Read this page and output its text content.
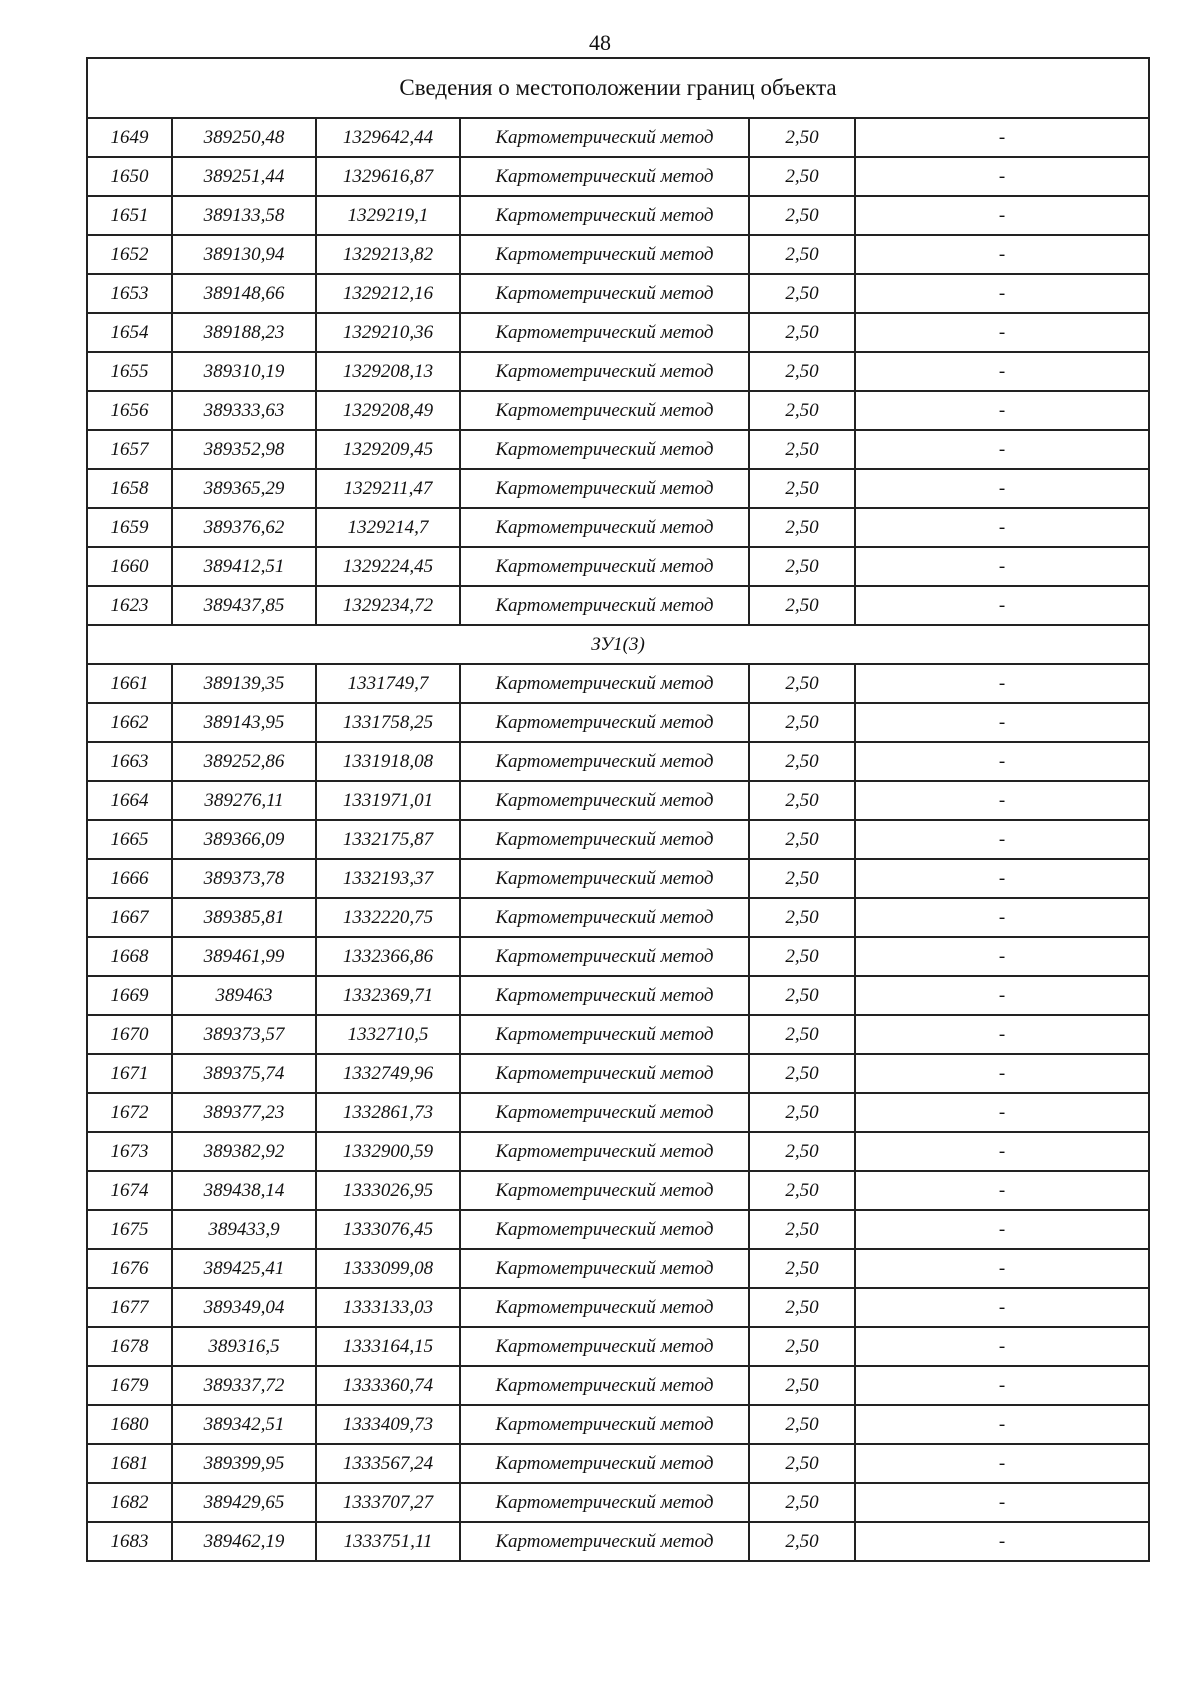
48
Сведения о местоположении границ объекта					
1649	389250,48	1329642,44	Картометрический метод	2,50	-
1650	389251,44	1329616,87	Картометрический метод	2,50	-
1651	389133,58	1329219,1	Картометрический метод	2,50	-
1652	389130,94	1329213,82	Картометрический метод	2,50	-
1653	389148,66	1329212,16	Картометрический метод	2,50	-
1654	389188,23	1329210,36	Картометрический метод	2,50	-
1655	389310,19	1329208,13	Картометрический метод	2,50	-
1656	389333,63	1329208,49	Картометрический метод	2,50	-
1657	389352,98	1329209,45	Картометрический метод	2,50	-
1658	389365,29	1329211,47	Картометрический метод	2,50	-
1659	389376,62	1329214,7	Картометрический метод	2,50	-
1660	389412,51	1329224,45	Картометрический метод	2,50	-
1623	389437,85	1329234,72	Картометрический метод	2,50	-
ЗУ1(3)					
1661	389139,35	1331749,7	Картометрический метод	2,50	-
1662	389143,95	1331758,25	Картометрический метод	2,50	-
1663	389252,86	1331918,08	Картометрический метод	2,50	-
1664	389276,11	1331971,01	Картометрический метод	2,50	-
1665	389366,09	1332175,87	Картометрический метод	2,50	-
1666	389373,78	1332193,37	Картометрический метод	2,50	-
1667	389385,81	1332220,75	Картометрический метод	2,50	-
1668	389461,99	1332366,86	Картометрический метод	2,50	-
1669	389463	1332369,71	Картометрический метод	2,50	-
1670	389373,57	1332710,5	Картометрический метод	2,50	-
1671	389375,74	1332749,96	Картометрический метод	2,50	-
1672	389377,23	1332861,73	Картометрический метод	2,50	-
1673	389382,92	1332900,59	Картометрический метод	2,50	-
1674	389438,14	1333026,95	Картометрический метод	2,50	-
1675	389433,9	1333076,45	Картометрический метод	2,50	-
1676	389425,41	1333099,08	Картометрический метод	2,50	-
1677	389349,04	1333133,03	Картометрический метод	2,50	-
1678	389316,5	1333164,15	Картометрический метод	2,50	-
1679	389337,72	1333360,74	Картометрический метод	2,50	-
1680	389342,51	1333409,73	Картометрический метод	2,50	-
1681	389399,95	1333567,24	Картометрический метод	2,50	-
1682	389429,65	1333707,27	Картометрический метод	2,50	-
1683	389462,19	1333751,11	Картометрический метод	2,50	-
